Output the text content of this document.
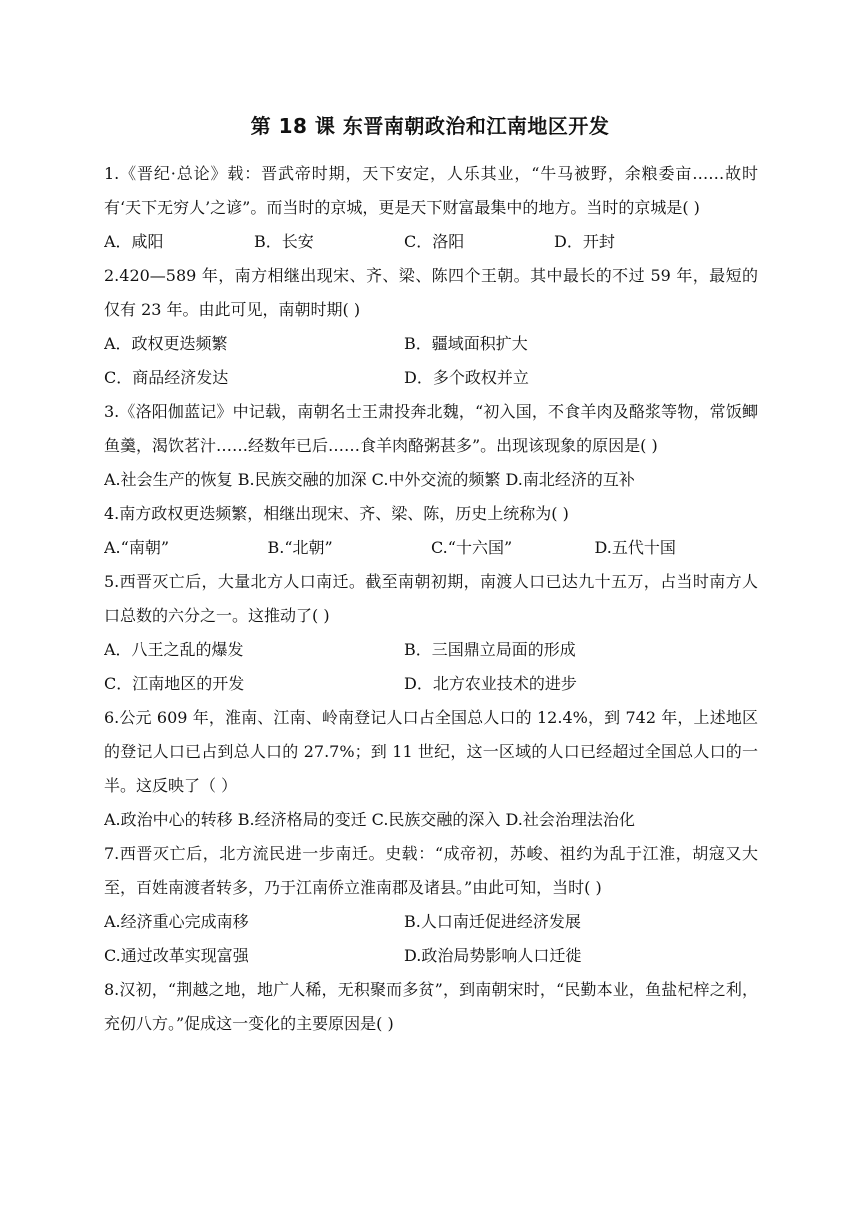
第 18 课 东晋南朝政治和江南地区开发
1.《晋纪·总论》载：晋武帝时期，天下安定，人乐其业，“牛马被野，余粮委亩……故时有‘天下无穷人’之谚”。而当时的京城，更是天下财富最集中的地方。当时的京城是( )
A．咸阳	B．长安	C．洛阳	D．开封
2.420—589 年，南方相继出现宋、齐、梁、陈四个王朝。其中最长的不过 59 年，最短的仅有 23 年。由此可见，南朝时期( )
A．政权更迭频繁	B．疆域面积扩大
C．商品经济发达	D．多个政权并立
3.《洛阳伽蓝记》中记载，南朝名士王肃投奔北魏，“初入国，不食羊肉及酪浆等物，常饭鲫鱼羹，渴饮茗汁……经数年已后……食羊肉酪粥甚多”。出现该现象的原因是( )
A.社会生产的恢复 B.民族交融的加深 C.中外交流的频繁 D.南北经济的互补
4.南方政权更迭频繁，相继出现宋、齐、梁、陈，历史上统称为( )
A.“南朝”	B.“北朝”	C.“十六国”	D.五代十国
5.西晋灭亡后，大量北方人口南迁。截至南朝初期，南渡人口已达九十五万，占当时南方人口总数的六分之一。这推动了( )
A．八王之乱的爆发	B．三国鼎立局面的形成
C．江南地区的开发	D．北方农业技术的进步
6.公元 609 年，淮南、江南、岭南登记人口占全国总人口的 12.4%，到 742 年，上述地区的登记人口已占到总人口的 27.7%；到 11 世纪，这一区域的人口已经超过全国总人口的一半。这反映了（ ）
A.政治中心的转移 B.经济格局的变迁 C.民族交融的深入 D.社会治理法治化
7.西晋灭亡后，北方流民进一步南迁。史载：“成帝初，苏峻、祖约为乱于江淮，胡寇又大至，百姓南渡者转多，乃于江南侨立淮南郡及诸县。”由此可知，当时( )
A.经济重心完成南移	B.人口南迁促进经济发展
C.通过改革实现富强	D.政治局势影响人口迁徙
8.汉初，“荆越之地，地广人稀，无积聚而多贫”，到南朝宋时，“民勤本业，鱼盐杞梓之利，充仞八方。”促成这一变化的主要原因是( )
